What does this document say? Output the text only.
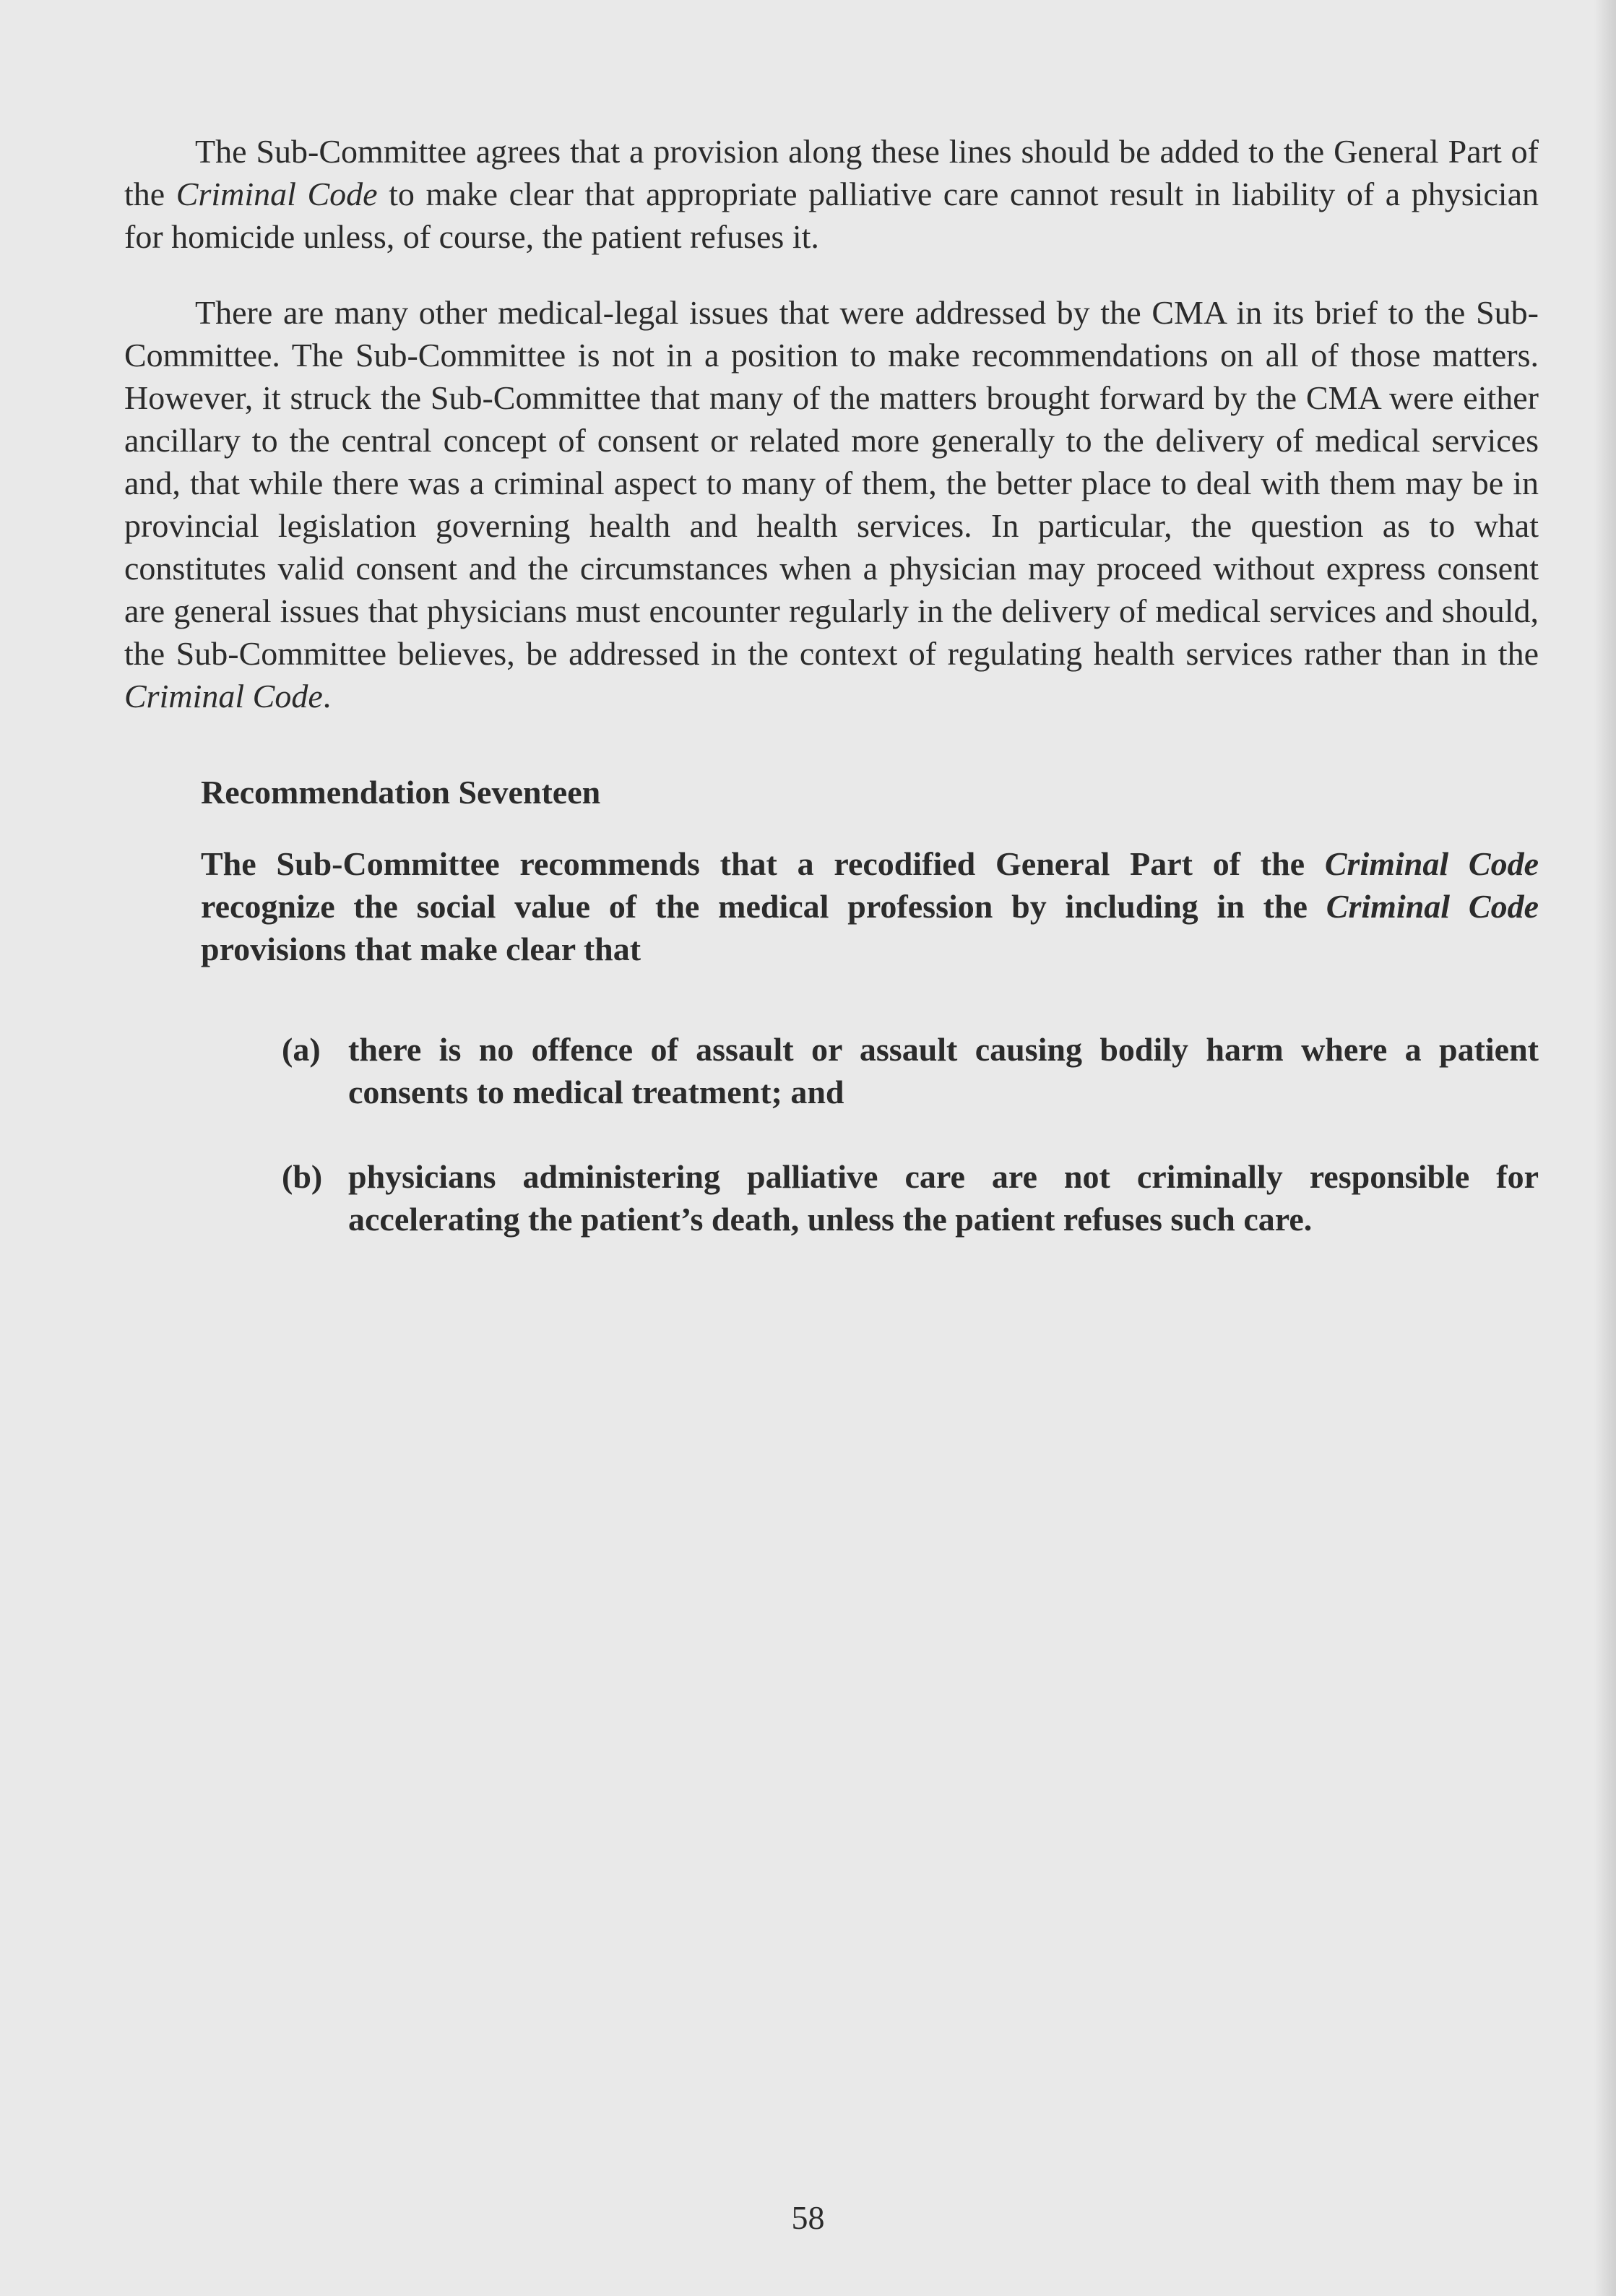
The Sub-Committee agrees that a provision along these lines should be added to the General Part of the Criminal Code to make clear that appropriate palliative care cannot result in liability of a physician for homicide unless, of course, the patient refuses it.

There are many other medical-legal issues that were addressed by the CMA in its brief to the Sub-Committee. The Sub-Committee is not in a position to make recommendations on all of those matters. However, it struck the Sub-Committee that many of the matters brought forward by the CMA were either ancillary to the central concept of consent or related more generally to the delivery of medical services and, that while there was a criminal aspect to many of them, the better place to deal with them may be in provincial legislation governing health and health services. In particular, the question as to what constitutes valid consent and the circumstances when a physician may proceed without express consent are general issues that physicians must encounter regularly in the delivery of medical services and should, the Sub-Committee believes, be addressed in the context of regulating health services rather than in the Criminal Code.

Recommendation Seventeen
The Sub-Committee recommends that a recodified General Part of the Criminal Code recognize the social value of the medical profession by including in the Criminal Code provisions that make clear that
(a) there is no offence of assault or assault causing bodily harm where a patient consents to medical treatment; and
(b) physicians administering palliative care are not criminally responsible for accelerating the patient’s death, unless the patient refuses such care.
58
